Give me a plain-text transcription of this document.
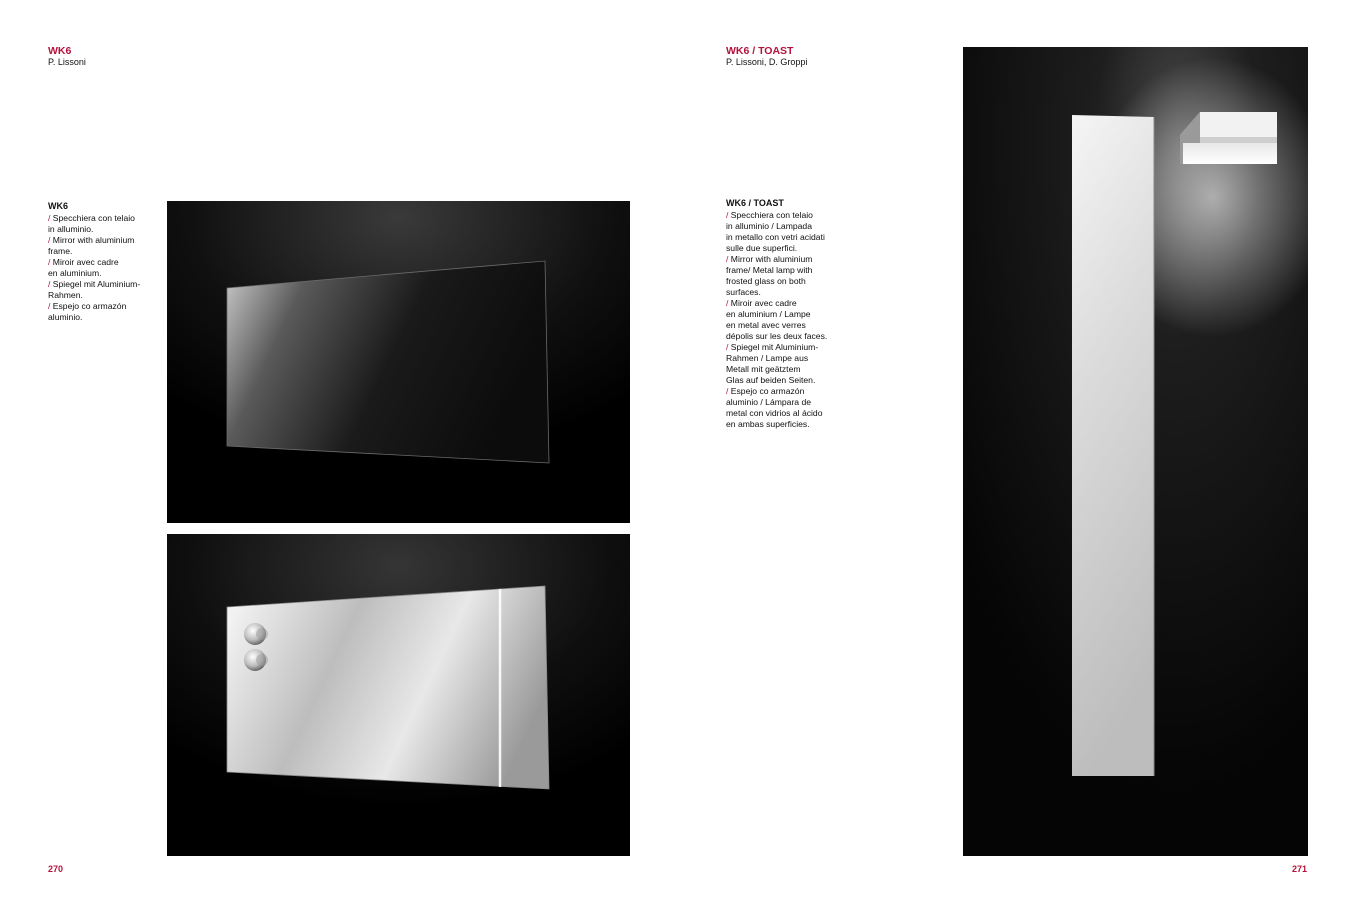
WK6
P. Lissoni
WK6
/ Specchiera con telaio
in alluminio.
/ Mirror with aluminium
frame.
/ Miroir avec cadre
en aluminium.
/ Spiegel mit Aluminium-
Rahmen.
/ Espejo co armazón
aluminio.
270
WK6 / TOAST
P. Lissoni, D. Groppi
WK6 / TOAST
/ Specchiera con telaio
in alluminio / Lampada
in metallo con vetri acidati
sulle due superfici.
/ Mirror with aluminium
frame/ Metal lamp with
frosted glass on both
surfaces.
/ Miroir avec cadre
en aluminium / Lampe
en metal avec verres
dépolis sur les deux faces.
/ Spiegel mit Aluminium-
Rahmen / Lampe aus
Metall mit geätztem
Glas auf beiden Seiten.
/ Espejo co armazón
aluminio / Lámpara de
metal con vidrios al ácido
en ambas superficies.
271
